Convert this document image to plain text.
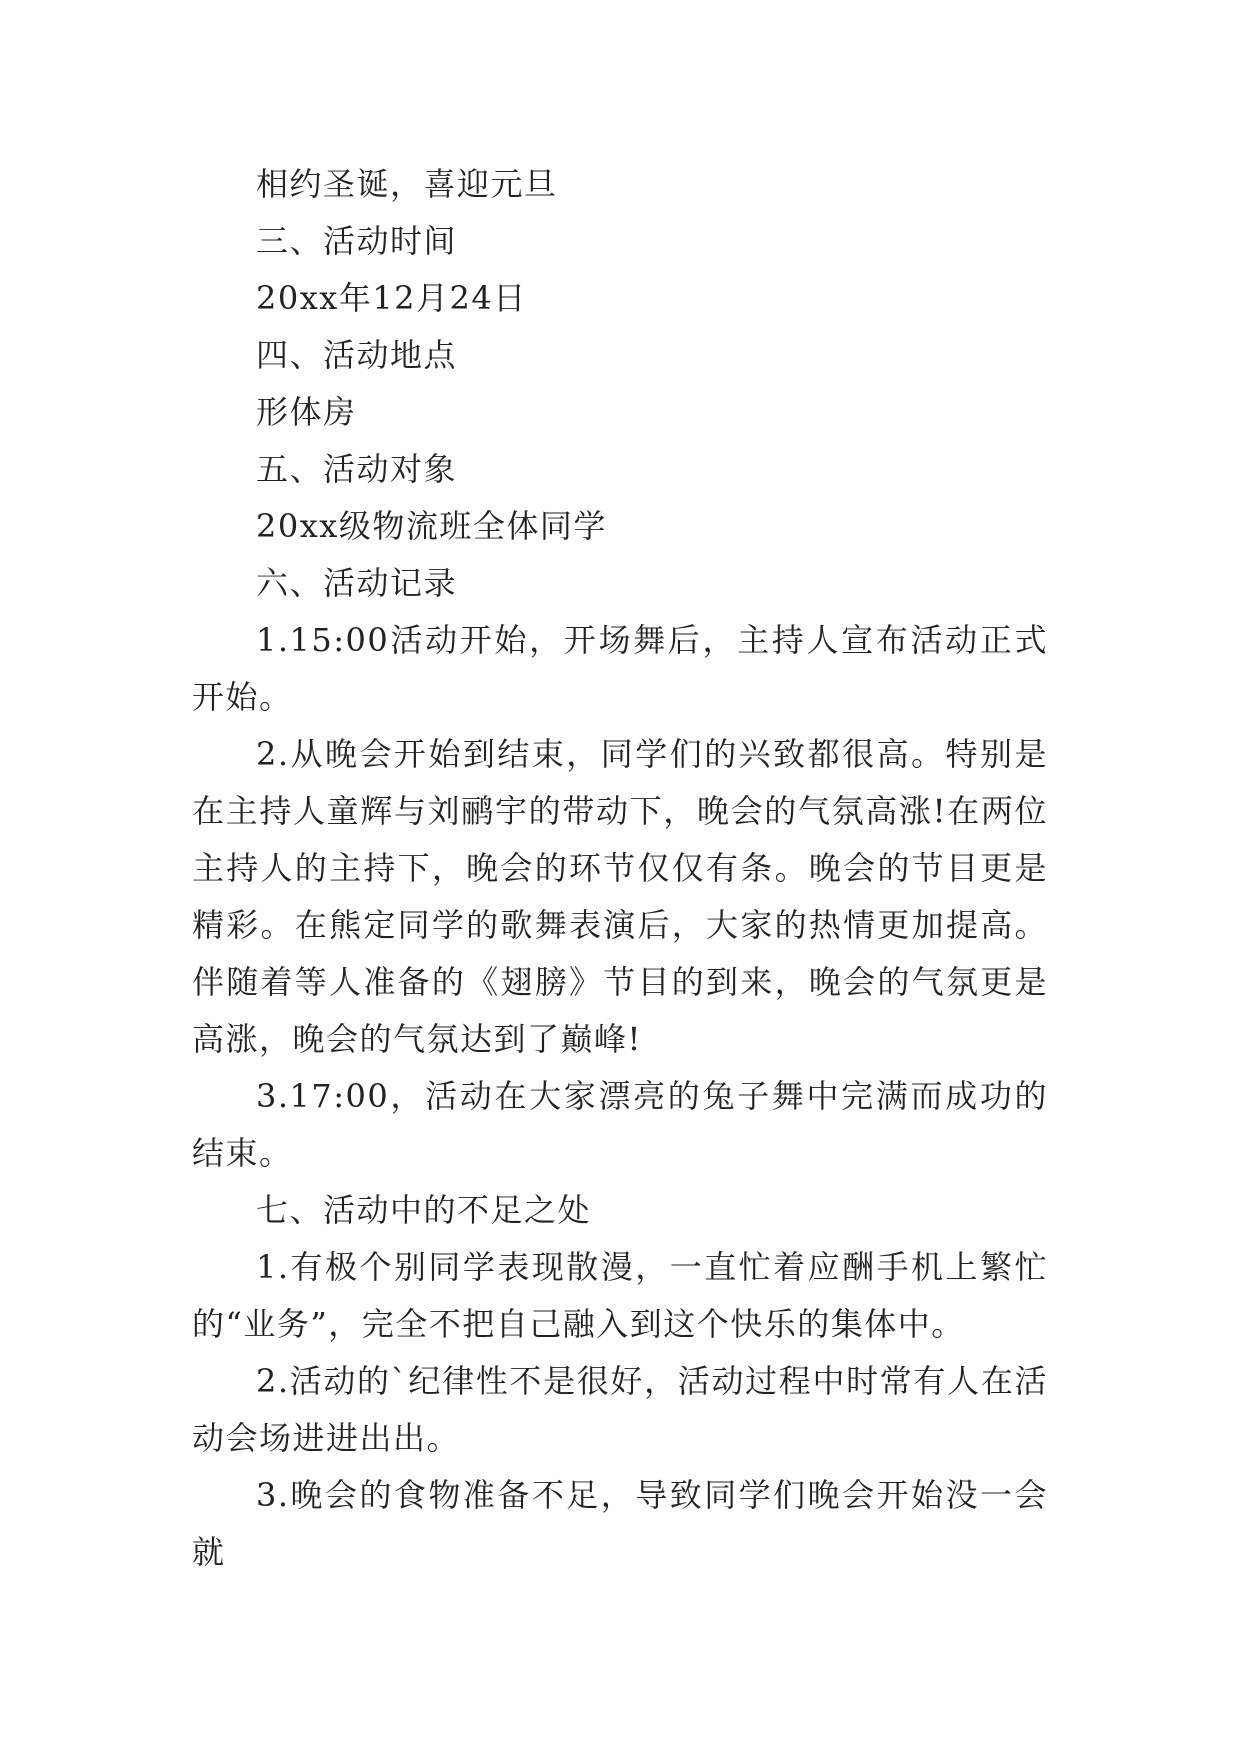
相约圣诞，喜迎元旦

三、活动时间

20xx年12月24日

四、活动地点

形体房

五、活动对象

20xx级物流班全体同学

六、活动记录

1.15:00活动开始，开场舞后，主持人宣布活动正式开始。

2.从晚会开始到结束，同学们的兴致都很高。特别是在主持人童辉与刘鹂宇的带动下，晚会的气氛高涨!在两位主持人的主持下，晚会的环节仅仅有条。晚会的节目更是精彩。在熊定同学的歌舞表演后，大家的热情更加提高。伴随着等人准备的《翅膀》节目的到来，晚会的气氛更是高涨，晚会的气氛达到了巅峰!

3.17:00，活动在大家漂亮的兔子舞中完满而成功的结束。

七、活动中的不足之处

1.有极个别同学表现散漫，一直忙着应酬手机上繁忙的“业务”，完全不把自己融入到这个快乐的集体中。

2.活动的`纪律性不是很好，活动过程中时常有人在活动会场进进出出。

3.晚会的食物准备不足，导致同学们晚会开始没一会就
